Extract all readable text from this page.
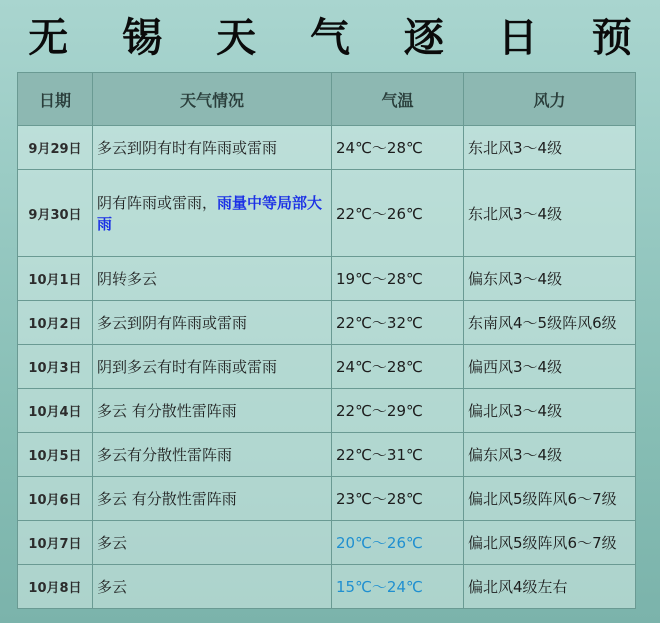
无 锡 天 气 逐 日 预
日期	天气情况	气温	风力
9月29日	多云到阴有时有阵雨或雷雨	24℃～28℃	东北风3～4级
9月30日	阴有阵雨或雷雨，雨量中等局部大雨	22℃～26℃	东北风3～4级
10月1日	阴转多云	19℃～28℃	偏东风3～4级
10月2日	多云到阴有阵雨或雷雨	22℃～32℃	东南风4～5级阵风6级
10月3日	阴到多云有时有阵雨或雷雨	24℃～28℃	偏西风3～4级
10月4日	多云 有分散性雷阵雨	22℃～29℃	偏北风3～4级
10月5日	多云有分散性雷阵雨	22℃～31℃	偏东风3～4级
10月6日	多云 有分散性雷阵雨	23℃～28℃	偏北风5级阵风6～7级
10月7日	多云	20℃～26℃	偏北风5级阵风6～7级
10月8日	多云	15℃～24℃	偏北风4级左右
